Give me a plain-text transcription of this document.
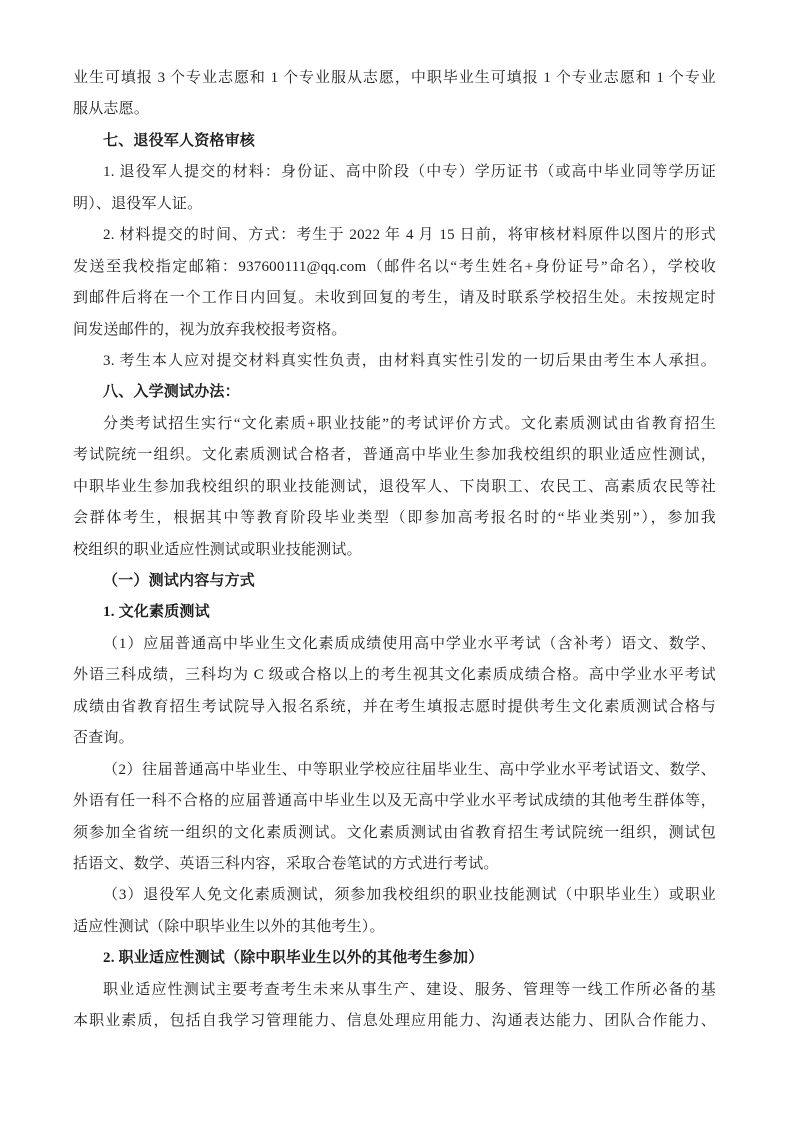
业生可填报 3 个专业志愿和 1 个专业服从志愿，中职毕业生可填报 1 个专业志愿和 1 个专业
服从志愿。
七、退役军人资格审核
1. 退役军人提交的材料：身份证、高中阶段（中专）学历证书（或高中毕业同等学历证
明）、退役军人证。
2. 材料提交的时间、方式：考生于 2022 年 4 月 15 日前，将审核材料原件以图片的形式
发送至我校指定邮箱：937600111@qq.com（邮件名以“考生姓名+身份证号”命名），学校收
到邮件后将在一个工作日内回复。未收到回复的考生，请及时联系学校招生处。未按规定时
间发送邮件的，视为放弃我校报考资格。
3. 考生本人应对提交材料真实性负责，由材料真实性引发的一切后果由考生本人承担。
八、入学测试办法：
分类考试招生实行“文化素质+职业技能”的考试评价方式。文化素质测试由省教育招生
考试院统一组织。文化素质测试合格者，普通高中毕业生参加我校组织的职业适应性测试，
中职毕业生参加我校组织的职业技能测试，退役军人、下岗职工、农民工、高素质农民等社
会群体考生，根据其中等教育阶段毕业类型（即参加高考报名时的“毕业类别”），参加我
校组织的职业适应性测试或职业技能测试。
（一）测试内容与方式
1. 文化素质测试
（1）应届普通高中毕业生文化素质成绩使用高中学业水平考试（含补考）语文、数学、
外语三科成绩，三科均为 C 级或合格以上的考生视其文化素质成绩合格。高中学业水平考试
成绩由省教育招生考试院导入报名系统，并在考生填报志愿时提供考生文化素质测试合格与
否查询。
（2）往届普通高中毕业生、中等职业学校应往届毕业生、高中学业水平考试语文、数学、
外语有任一科不合格的应届普通高中毕业生以及无高中学业水平考试成绩的其他考生群体等，
须参加全省统一组织的文化素质测试。文化素质测试由省教育招生考试院统一组织，测试包
括语文、数学、英语三科内容，采取合卷笔试的方式进行考试。
（3）退役军人免文化素质测试，须参加我校组织的职业技能测试（中职毕业生）或职业
适应性测试（除中职毕业生以外的其他考生）。
2. 职业适应性测试（除中职毕业生以外的其他考生参加）
职业适应性测试主要考查考生未来从事生产、建设、服务、管理等一线工作所必备的基
本职业素质，包括自我学习管理能力、信息处理应用能力、沟通表达能力、团队合作能力、
